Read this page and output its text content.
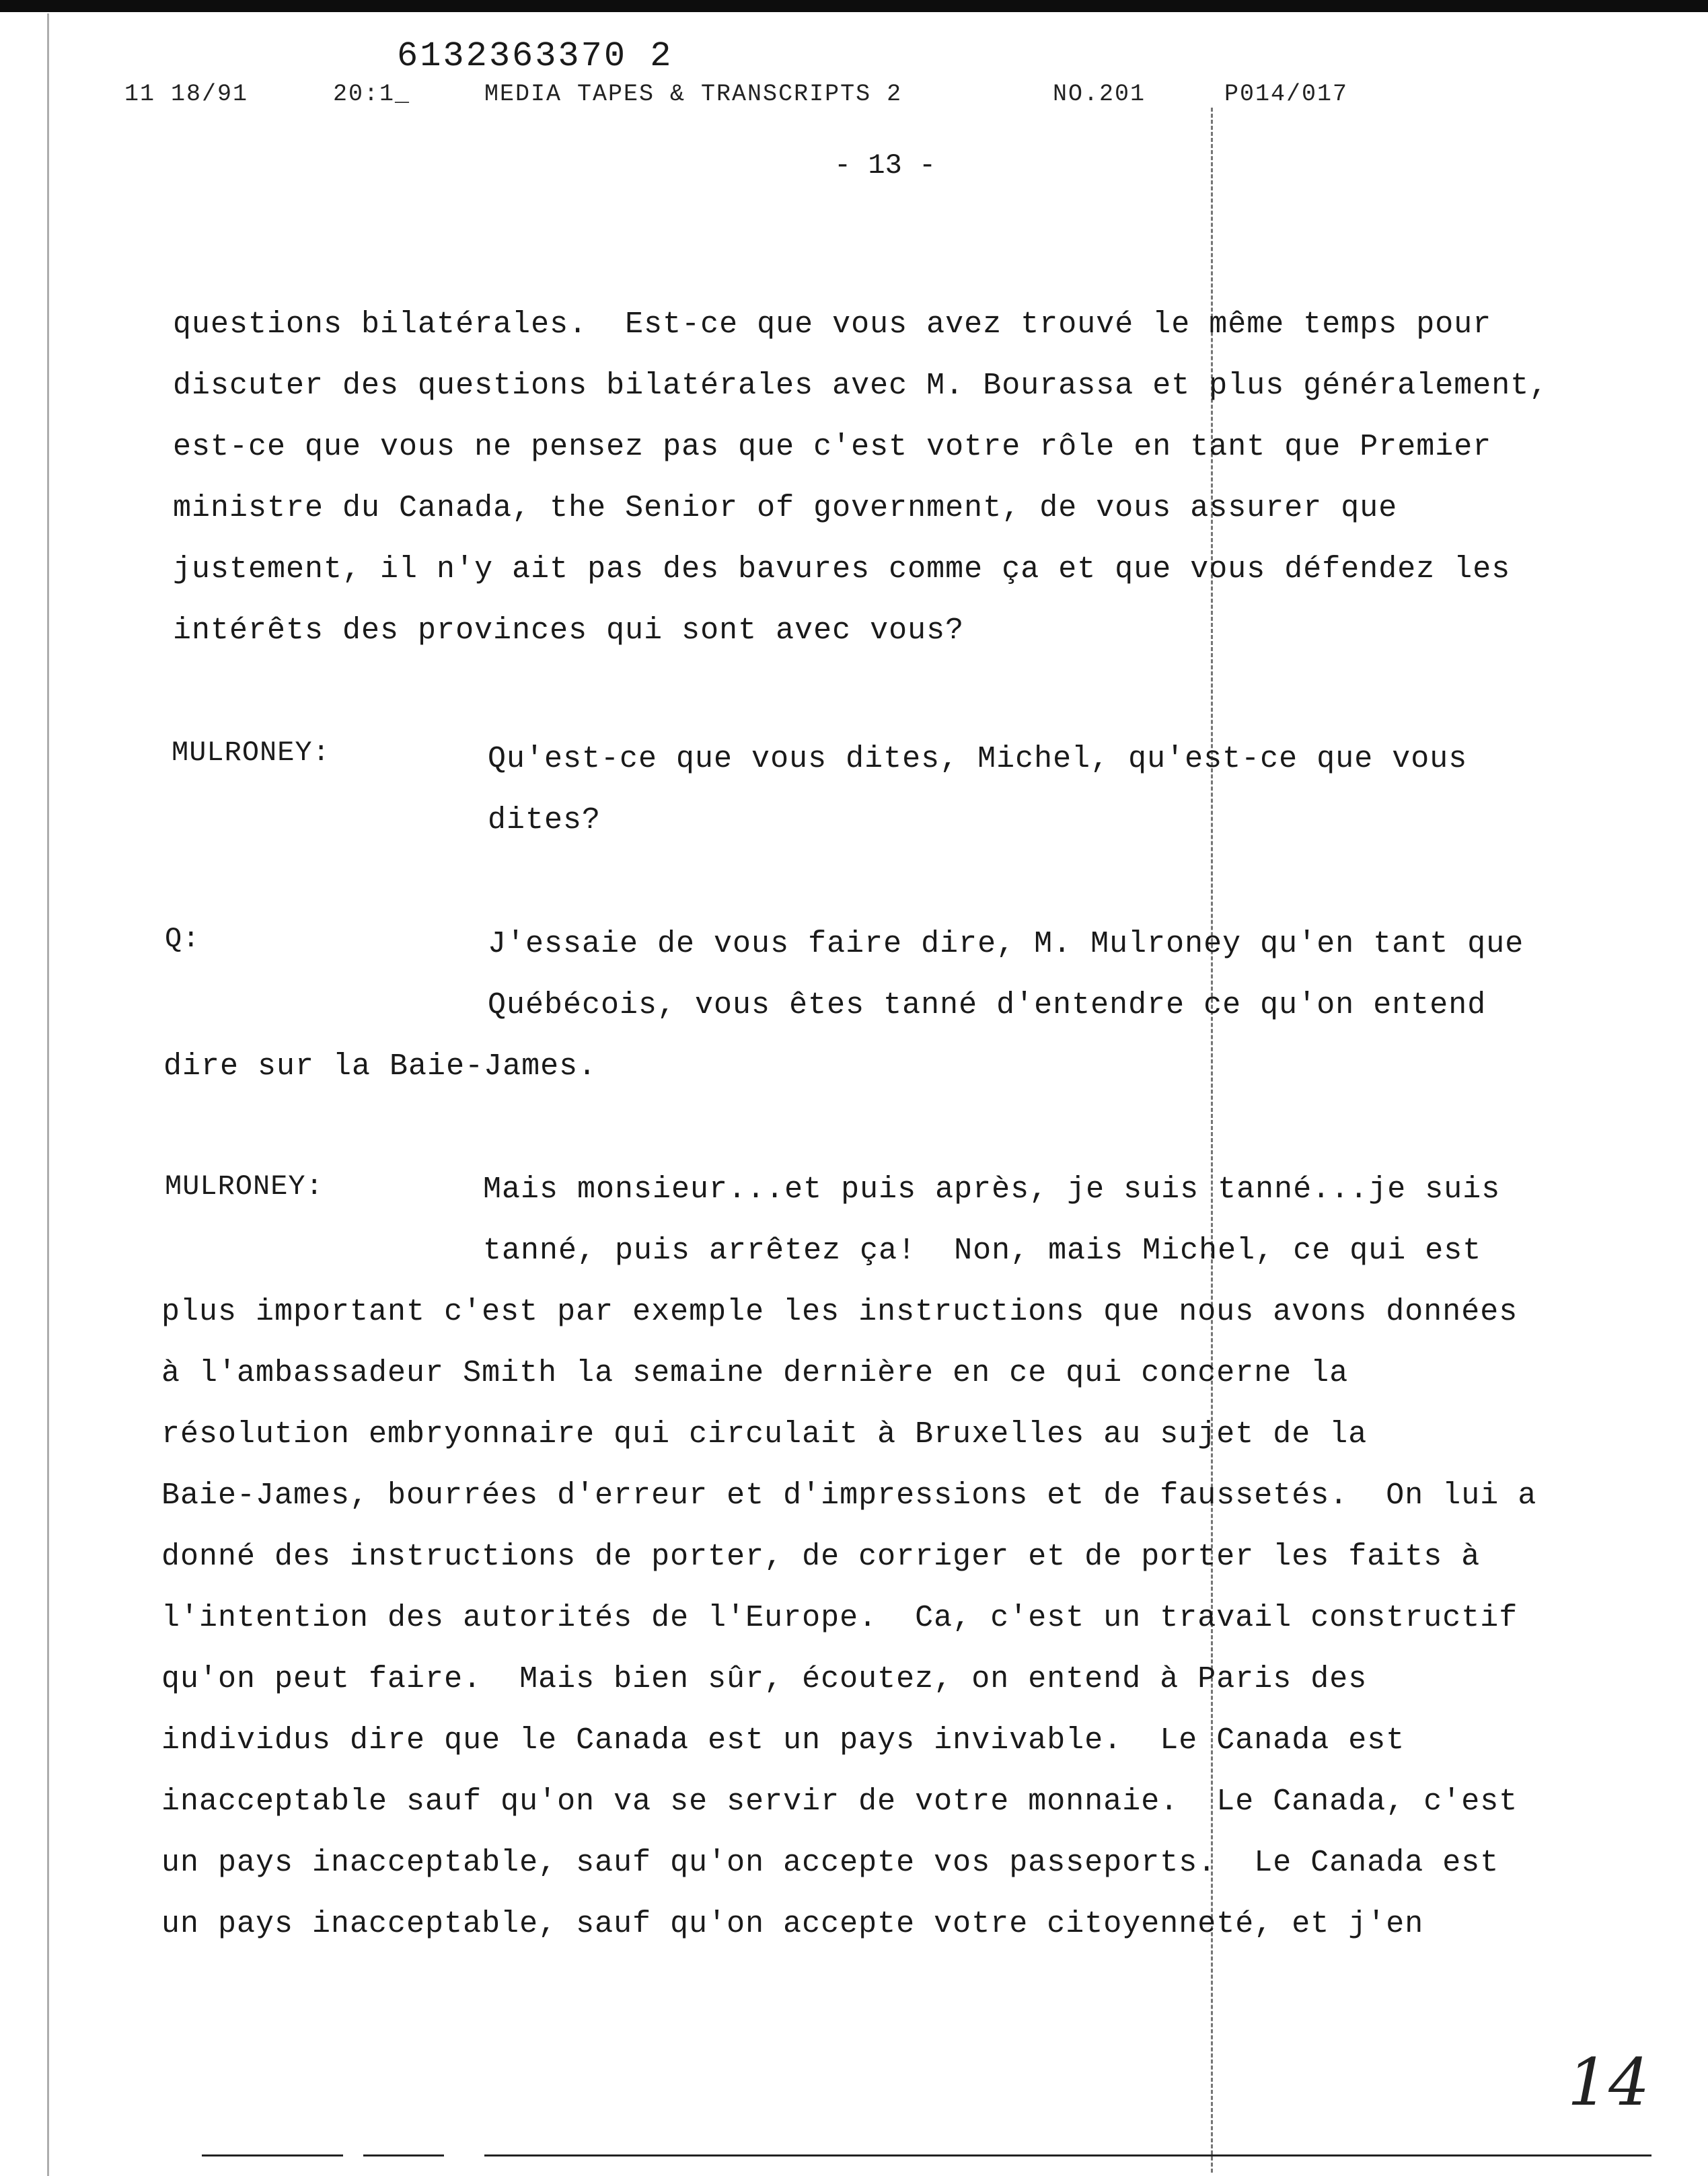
6132363370 2
11 18/91	20:1_	MEDIA TAPES & TRANSCRIPTS 2	NO.201	P014/017
- 13 -
questions bilatérales.  Est-ce que vous avez trouvé le même temps pour
discuter des questions bilatérales avec M. Bourassa et plus généralement,
est-ce que vous ne pensez pas que c'est votre rôle en tant que Premier
ministre du Canada, the Senior of government, de vous assurer que
justement, il n'y ait pas des bavures comme ça et que vous défendez les
intérêts des provinces qui sont avec vous?
MULRONEY:	Qu'est-ce que vous dites, Michel, qu'est-ce que vous
dites?
Q:	J'essaie de vous faire dire, M. Mulroney qu'en tant que
Québécois, vous êtes tanné d'entendre ce qu'on entend
dire sur la Baie-James.
MULRONEY:	Mais monsieur...et puis après, je suis tanné...je suis
tanné, puis arrêtez ça!  Non, mais Michel, ce qui est
plus important c'est par exemple les instructions que nous avons données
à l'ambassadeur Smith la semaine dernière en ce qui concerne la
résolution embryonnaire qui circulait à Bruxelles au sujet de la
Baie-James, bourrées d'erreur et d'impressions et de faussetés.  On lui a
donné des instructions de porter, de corriger et de porter les faits à
l'intention des autorités de l'Europe.  Ca, c'est un travail constructif
qu'on peut faire.  Mais bien sûr, écoutez, on entend à Paris des
individus dire que le Canada est un pays invivable.  Le Canada est
inacceptable sauf qu'on va se servir de votre monnaie.  Le Canada, c'est
un pays inacceptable, sauf qu'on accepte vos passeports.  Le Canada est
un pays inacceptable, sauf qu'on accepte votre citoyenneté, et j'en
14
